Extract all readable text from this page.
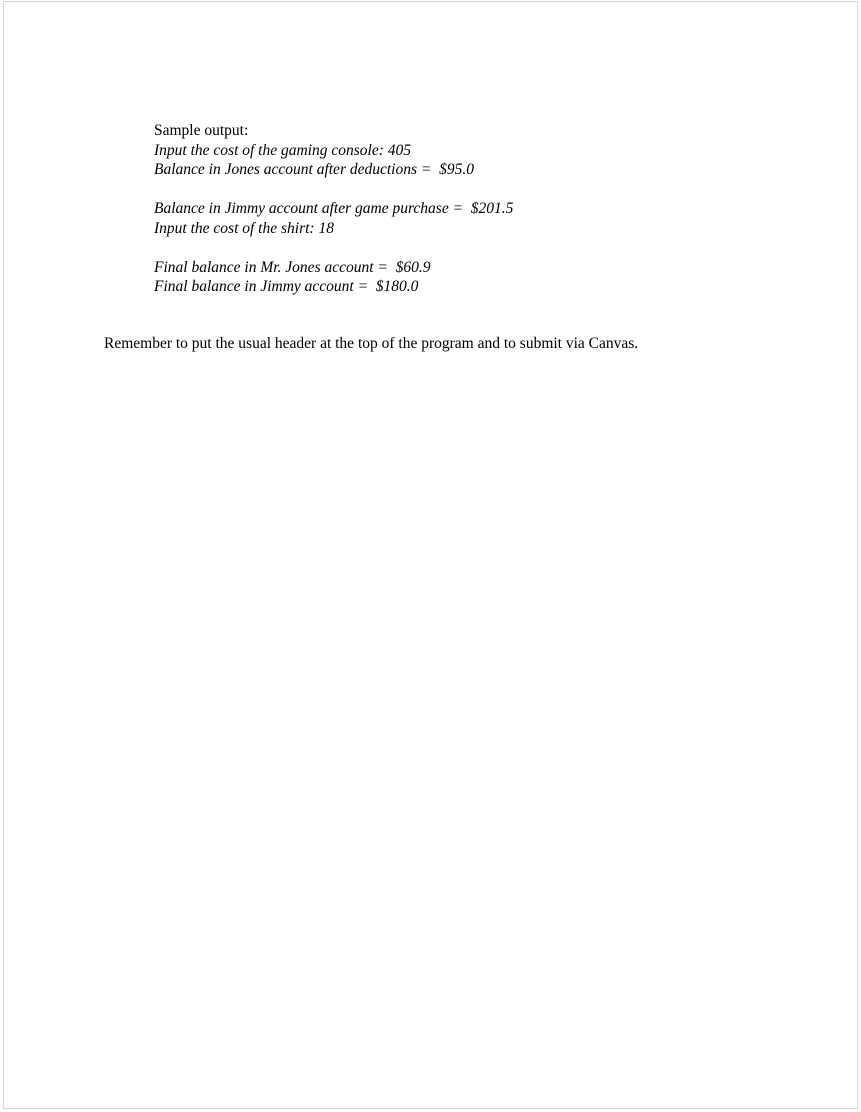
Sample output:
Input the cost of the gaming console: 405
Balance in Jones account after deductions =  $95.0
Balance in Jimmy account after game purchase =  $201.5
Input the cost of the shirt: 18
Final balance in Mr. Jones account =  $60.9
Final balance in Jimmy account =  $180.0
Remember to put the usual header at the top of the program and to submit via Canvas.
